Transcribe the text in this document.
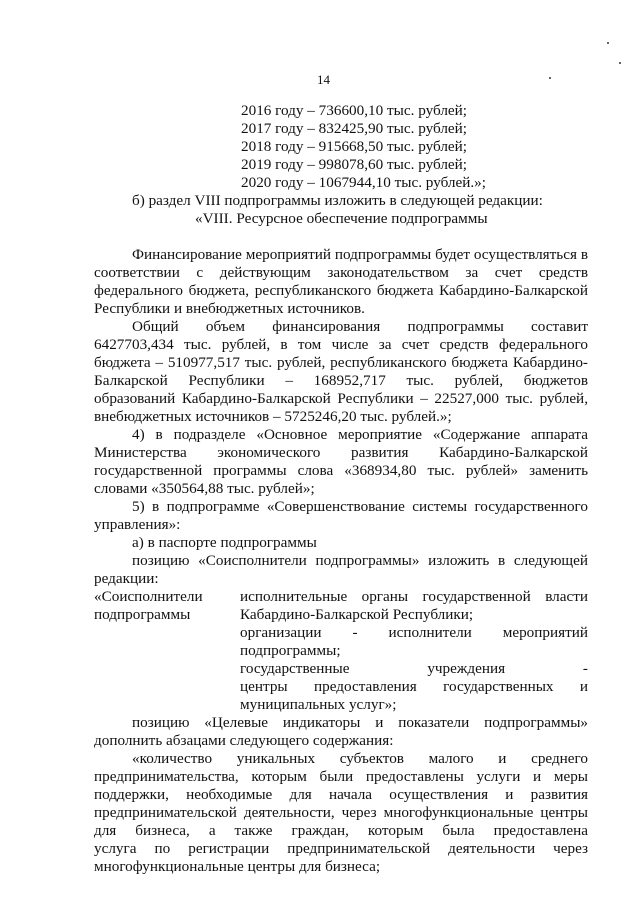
14

2016 году – 736600,10 тыс. рублей;

2017 году – 832425,90 тыс. рублей;

2018 году – 915668,50 тыс. рублей;

2019 году – 998078,60 тыс. рублей;

2020 году – 1067944,10 тыс. рублей.»;

б) раздел VIII подпрограммы изложить в следующей редакции:

«VIII. Ресурсное обеспечение подпрограммы

Финансирование мероприятий подпрограммы будет осуществляться в

соответствии с действующим законодательством за счет средств

федерального бюджета, республиканского бюджета Кабардино-Балкарской

Республики и внебюджетных источников.

Общий объем финансирования подпрограммы составит

6427703,434 тыс. рублей, в том числе за счет средств федерального

бюджета – 510977,517 тыс. рублей, республиканского бюджета Кабардино-

Балкарской Республики – 168952,717 тыс. рублей, бюджетов

образований Кабардино-Балкарской Республики – 22527,000 тыс. рублей,

внебюджетных источников – 5725246,20 тыс. рублей.»;

4) в подразделе «Основное мероприятие «Содержание аппарата

Министерства экономического развития Кабардино-Балкарской

государственной программы слова «368934,80 тыс. рублей» заменить

словами «350564,88 тыс. рублей»;

5) в подпрограмме «Совершенствование системы государственного

управления»:

а) в паспорте подпрограммы

позицию «Соисполнители подпрограммы» изложить в следующей

редакции:

«Соисполнители

подпрограммы

исполнительные органы государственной власти

Кабардино-Балкарской Республики;

организации - исполнители мероприятий

подпрограммы;

государственные учреждения -

центры предоставления государственных и

муниципальных услуг»;

позицию «Целевые индикаторы и показатели подпрограммы»

дополнить абзацами следующего содержания:

«количество уникальных субъектов малого и среднего

предпринимательства, которым были предоставлены услуги и меры

поддержки, необходимые для начала осуществления и развития

предпринимательской деятельности, через многофункциональные центры

для бизнеса, а также граждан, которым была предоставлена

услуга по регистрации предпринимательской деятельности через

многофункциональные центры для бизнеса;
